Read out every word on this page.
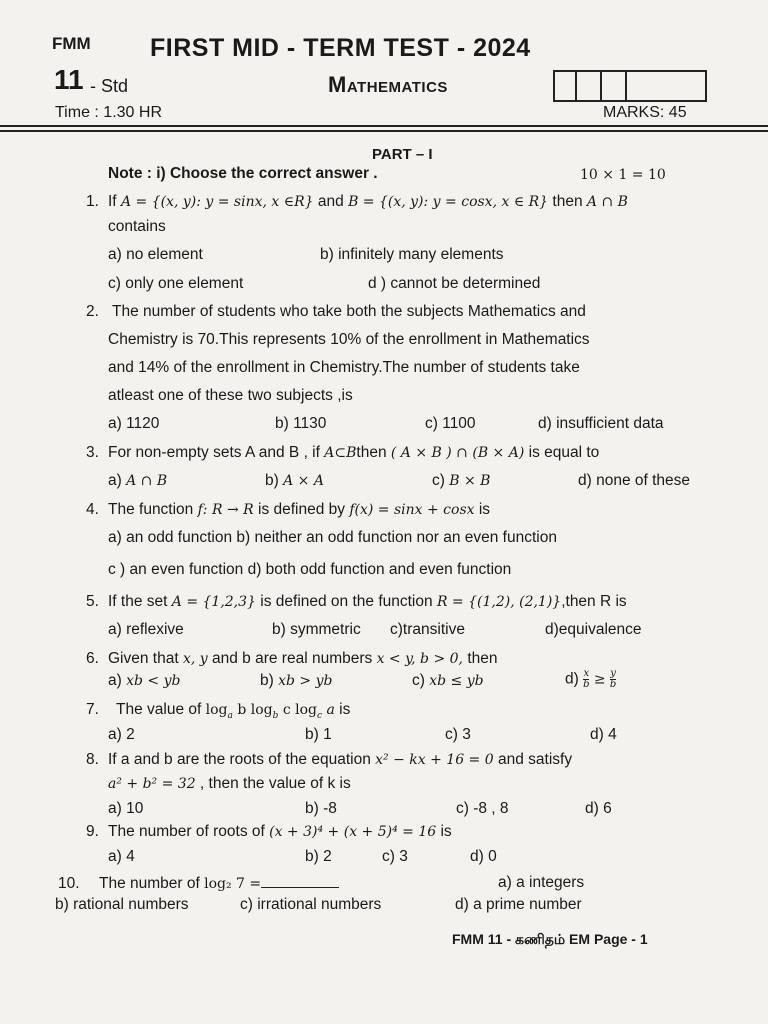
FMM FIRST MID - TERM TEST - 2024
11 - Std	Mathematics
Time : 1.30 HR	MARKS: 45
PART – I
Note : i) Choose the correct answer .	10 × 1 = 10
1. If A = {(x, y): y = sinx, x ∈R} and B = {(x, y): y = cosx, x ∈ R} then A ∩ B
contains
a) no element	b) infinitely many elements
c) only one element	d ) cannot be determined
2. The number of students who take both the subjects Mathematics and
Chemistry is 70.This represents 10% of the enrollment in Mathematics
and 14% of the enrollment in Chemistry.The number of students take
atleast one of these two subjects ,is
a) 1120	b) 1130	c) 1100	d) insufficient data
3. For non-empty sets A and B , if A⊂Bthen ( A × B ) ∩ (B × A) is equal to
a) A ∩ B	b) A × A	c) B × B	d) none of these
4. The function f: R → R is defined by f(x) = sinx + cosx is
a) an odd function b) neither an odd function nor an even function
c ) an even function d) both odd function and even function
5. If the set A = {1,2,3} is defined on the function R = {(1,2), (2,1)},then R is
a) reflexive	b) symmetric c)transitive	d)equivalence
6. Given that x, y and b are real numbers x < y, b > 0, then
a) xb < yb	b) xb > yb	c) xb ≤ yb	$d) \frac{x}{b} \ge \frac{y}{b}$
7. The value of $\log_a b$ $\log_b c$ $\log_c a$ is
a) 2	b) 1	c) 3	d) 4
8. If a and b are the roots of the equation x² − kx + 16 = 0 and satisfy
a² + b² = 32 , then the value of k is
a) 10	b) -8	c) -8 , 8	d) 6
9. The number of roots of (x + 3)⁴ + (x + 5)⁴ = 16 is
a) 4	b) 2	c) 3	d) 0
10. The number of log₂ 7 =	a) a integers
b) rational numbers	c) irrational numbers	d) a prime number
FMM 11 - கணிதம் EM Page - 1
